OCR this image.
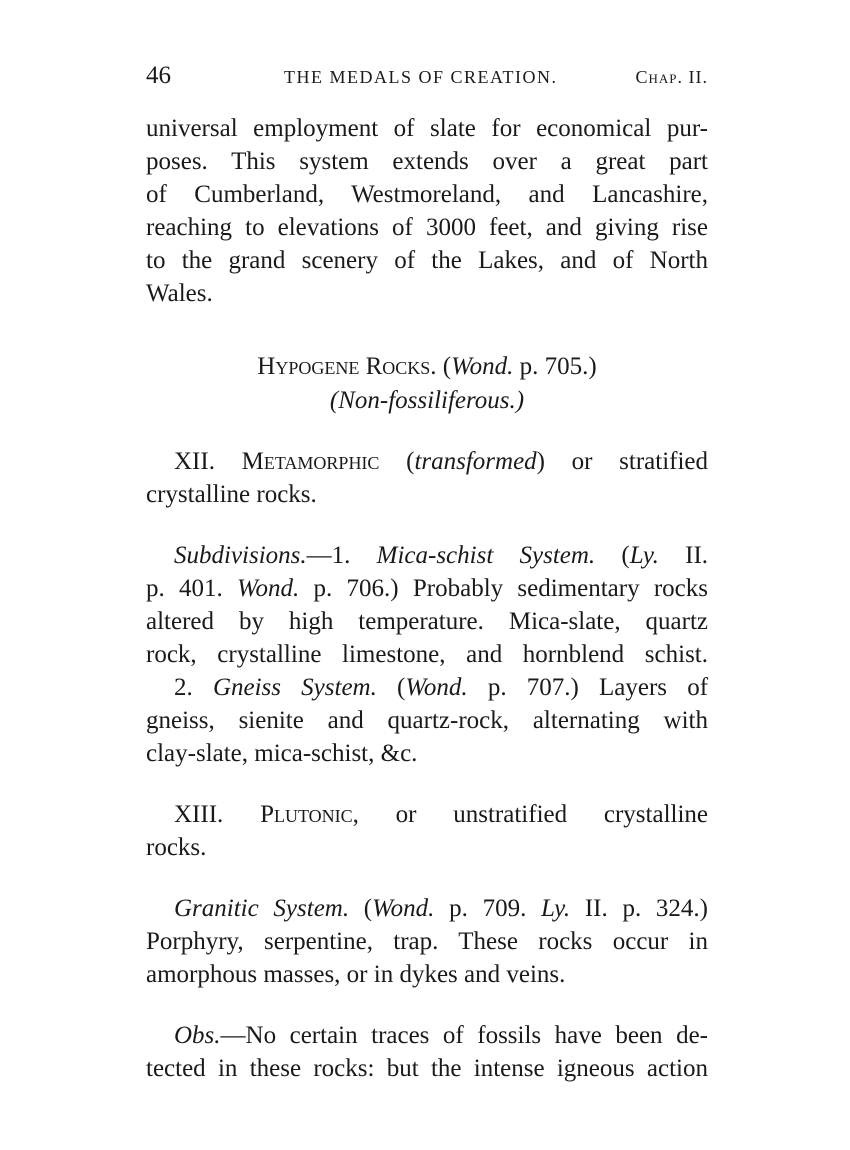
46	THE MEDALS OF CREATION.	Chap. II.
universal employment of slate for economical pur-
poses. This system extends over a great part
of Cumberland, Westmoreland, and Lancashire,
reaching to elevations of 3000 feet, and giving rise
to the grand scenery of the Lakes, and of North
Wales.
Hypogene Rocks. (Wond. p. 705.)
(Non-fossiliferous.)
XII. Metamorphic (transformed) or stratified
crystalline rocks.
Subdivisions.—1. Mica-schist System. (Ly. II.
p. 401. Wond. p. 706.) Probably sedimentary rocks
altered by high temperature. Mica-slate, quartz
rock, crystalline limestone, and hornblend schist.
2. Gneiss System. (Wond. p. 707.) Layers of
gneiss, sienite and quartz-rock, alternating with
clay-slate, mica-schist, &c.
XIII. Plutonic, or unstratified crystalline
rocks.
Granitic System. (Wond. p. 709. Ly. II. p. 324.)
Porphyry, serpentine, trap. These rocks occur in
amorphous masses, or in dykes and veins.
Obs.—No certain traces of fossils have been de-
tected in these rocks: but the intense igneous action
